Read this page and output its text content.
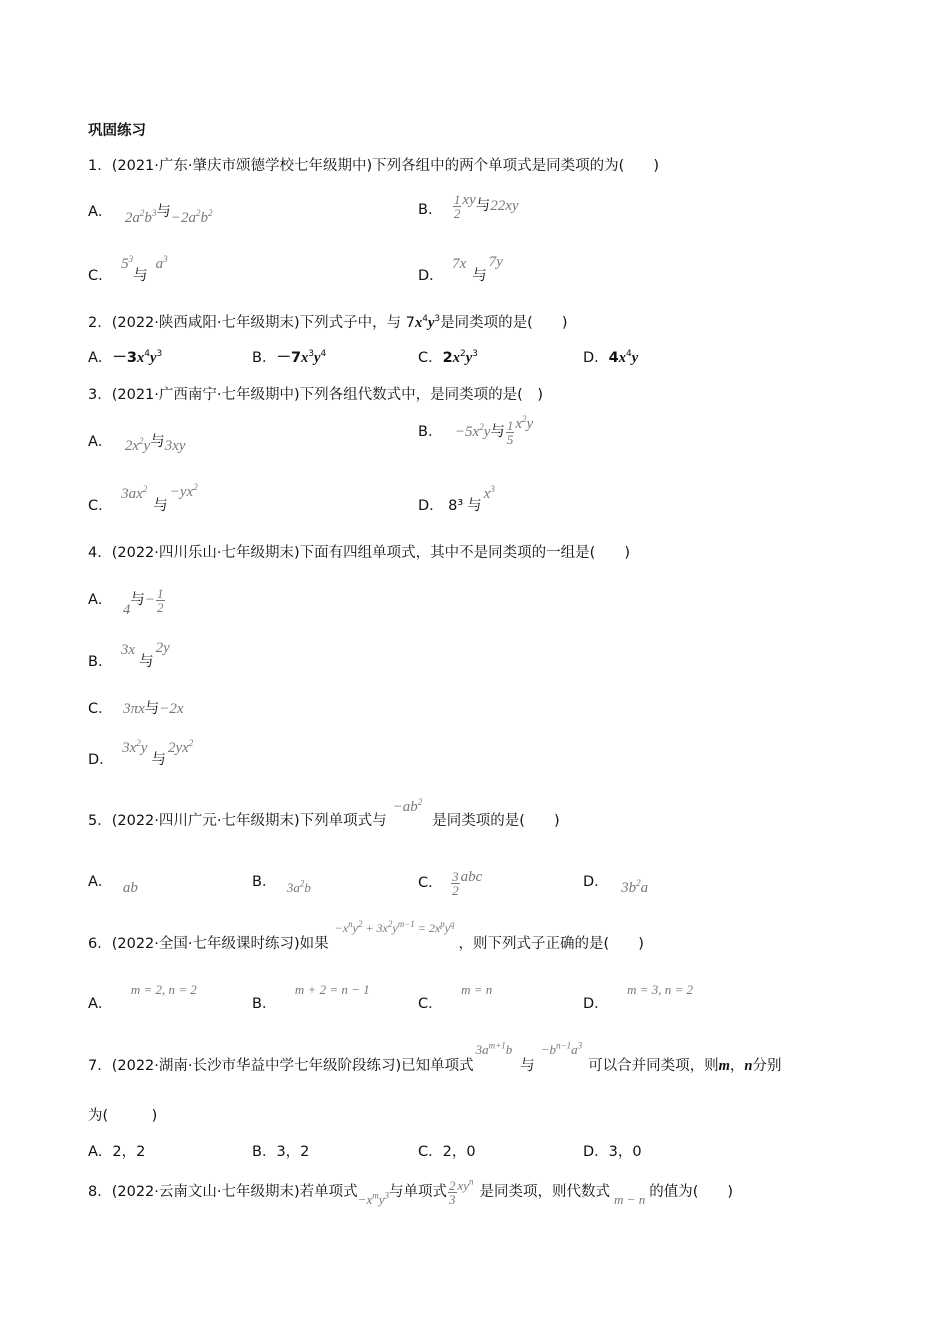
巩固练习
1．(2021·广东·肇庆市颂德学校七年级期中)下列各组中的两个单项式是同类项的为(　　)
A． $2a^2b^3$与$-2a^2b^2$	B． $\frac{1}{2}$ xy与22xy
C． $5^3$与$a^3$
D． 7x与7y
2．(2022·陕西咸阳·七年级期末)下列式子中，与 $7x^4y^3$是同类项的是(　　)
A．$-3x^4y^3$	B．$-7x^3y^4$	C．$2x^2y^3$	D．$4x^4y$
3．(2021·广西南宁·七年级期中)下列各组代数式中，是同类项的是(　)
A． $2x^2y$与3xy
B． $-5x^2y$与 $\frac{1}{5} x^2y$
C． $3ax^2$与$-yx^2$
D． 8³ 与$x^3$
4．(2022·四川乐山·七年级期末)下面有四组单项式，其中不是同类项的一组是(　　)
A． 4与− $\frac{1}{2}$
B． 3x与2y
C． 3πx与−2x
D． $3x^2y$与$2yx^2$
5．(2022·四川广元·七年级期末)下列单项式与$-ab^2$是同类项的是(　　)
A． ab	B． $3a^2b$	C． $\frac{3}{2}$ abc	D． $3b^2a$
6．(2022·全国·七年级课时练习)如果$^{-x^ny^2 + 3x^2y^{m-1} = 2x^py^q}$，则下列式子正确的是(　　)
A． m = 2, n = 2
B． m + 2 = n − 1
C． m = n
D． m = 3, n = 2
7．(2022·湖南·长沙市华益中学七年级阶段练习)已知单项式$3a^{m+1}b$与$-b^{n-1}a^3$可以合并同类项，则m，n分别
为(　　　)
A．2，2	B．3，2	C．2，0	D．3，0
8．(2022·云南文山·七年级期末)若单项式$-x^my^3$与单项式 $\frac{2}{3} xy^n$是同类项，则代数式 m − n 的值为(　　)
